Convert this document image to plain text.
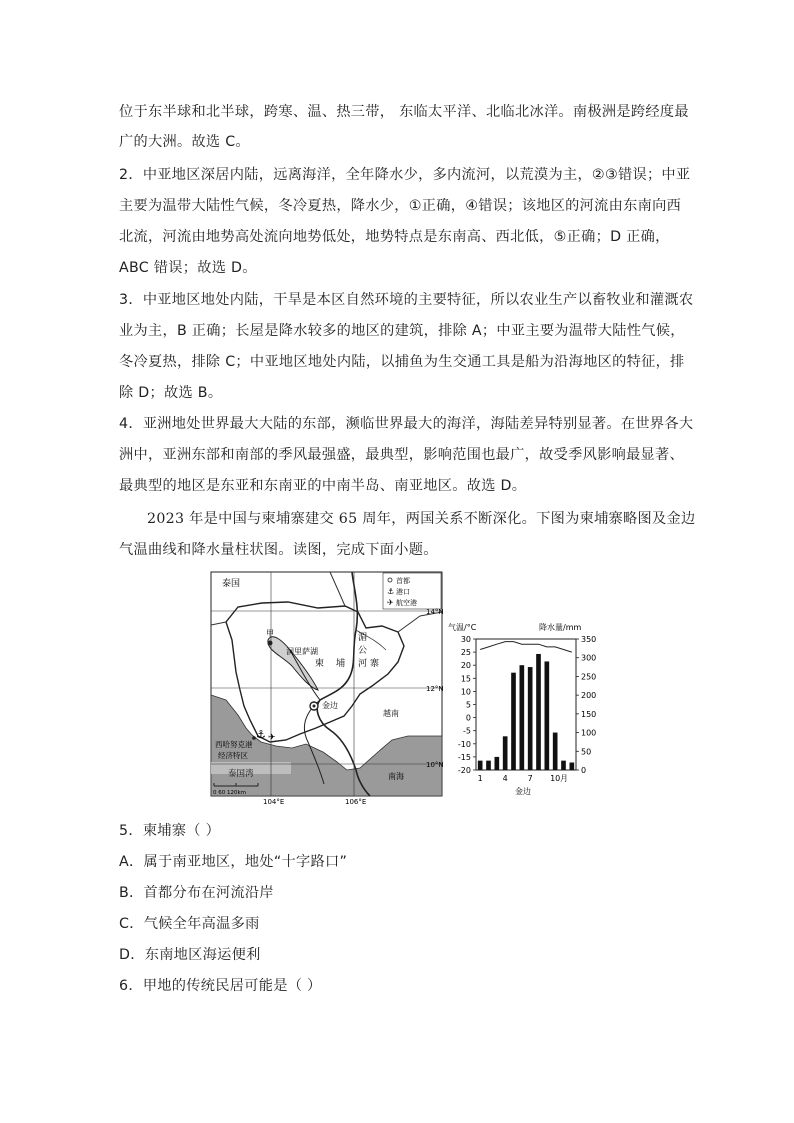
位于东半球和北半球，跨寒、温、热三带， 东临太平洋、北临北冰洋。南极洲是跨经度最
广的大洲。故选 C。
2．中亚地区深居内陆，远离海洋，全年降水少，多内流河，以荒漠为主，②③错误；中亚
主要为温带大陆性气候，冬冷夏热，降水少，①正确，④错误；该地区的河流由东南向西
北流，河流由地势高处流向地势低处，地势特点是东南高、西北低，⑤正确；D 正确，
ABC 错误；故选 D。
3．中亚地区地处内陆，干旱是本区自然环境的主要特征，所以农业生产以畜牧业和灌溉农
业为主，B 正确；长屋是降水较多的地区的建筑，排除 A；中亚主要为温带大陆性气候，
冬冷夏热，排除 C；中亚地区地处内陆，以捕鱼为生交通工具是船为沿海地区的特征，排
除 D；故选 B。
4．亚洲地处世界最大大陆的东部，濒临世界最大的海洋，海陆差异特别显著。在世界各大
洲中，亚洲东部和南部的季风最强盛，最典型，影响范围也最广，故受季风影响最显著、
最典型的地区是东亚和东南亚的中南半岛、南亚地区。故选 D。
2023 年是中国与柬埔寨建交 65 周年，两国关系不断深化。下图为柬埔寨略图及金边
气温曲线和降水量柱状图。读图，完成下面小题。
首都
⚓ 港口
✈ 航空港
⚓ ✈
泰国
甲
洞里萨湖
柬 埔	寨
湄
公
河
金边
越南
西哈努克港
经济特区
泰国湾	南海
14°N
12°N
10°N
104°E	106°E
0 60 120km
气温/°C	降水量/mm
30
25
20
15
10
5
0
-5
-10
-15
-20
350
300
250
200
150
100
50
0
1 4 7 10 月
金边
5．柬埔寨（ ）
A．属于南亚地区，地处“十字路口”
B．首都分布在河流沿岸
C．气候全年高温多雨
D．东南地区海运便利
6．甲地的传统民居可能是（ ）
